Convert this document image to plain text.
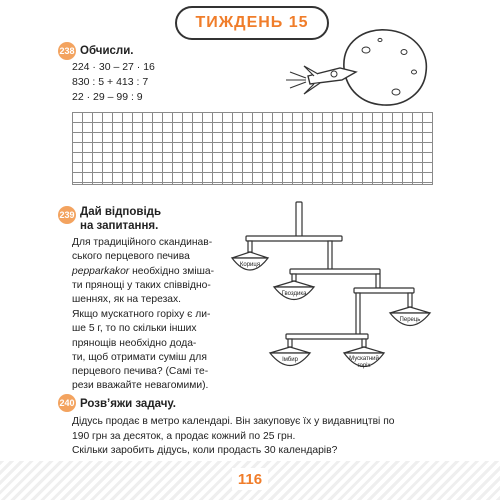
ТИЖДЕНЬ 15
238 Обчисли.
224 · 30 – 27 · 16
830 : 5 + 413 : 7
22 · 29 – 99 : 9
239 Дай відповідь
на запитання.
Для традиційного скандинав-
ського перцевого печива
pepparkakor необхідно зміша-
ти прянощі у таких співвідно-
шеннях, як на терезах.
Якщо мускатного горіху є ли-
ше 5 г, то по скільки інших
прянощів необхідно дода-
ти, щоб отримати суміш для
перцевого печива? (Самі те-
рези вважайте невагомими).
Кориця
Гвоздика
Перець
Імбир	Мускатний
горіх
240 Розв’яжи задачу.
Дідусь продає в метро календарі. Він закуповує їх у видавництві по
190 грн за десяток, а продає кожний по 25 грн.
Скільки заробить дідусь, коли продасть 30 календарів?
116
